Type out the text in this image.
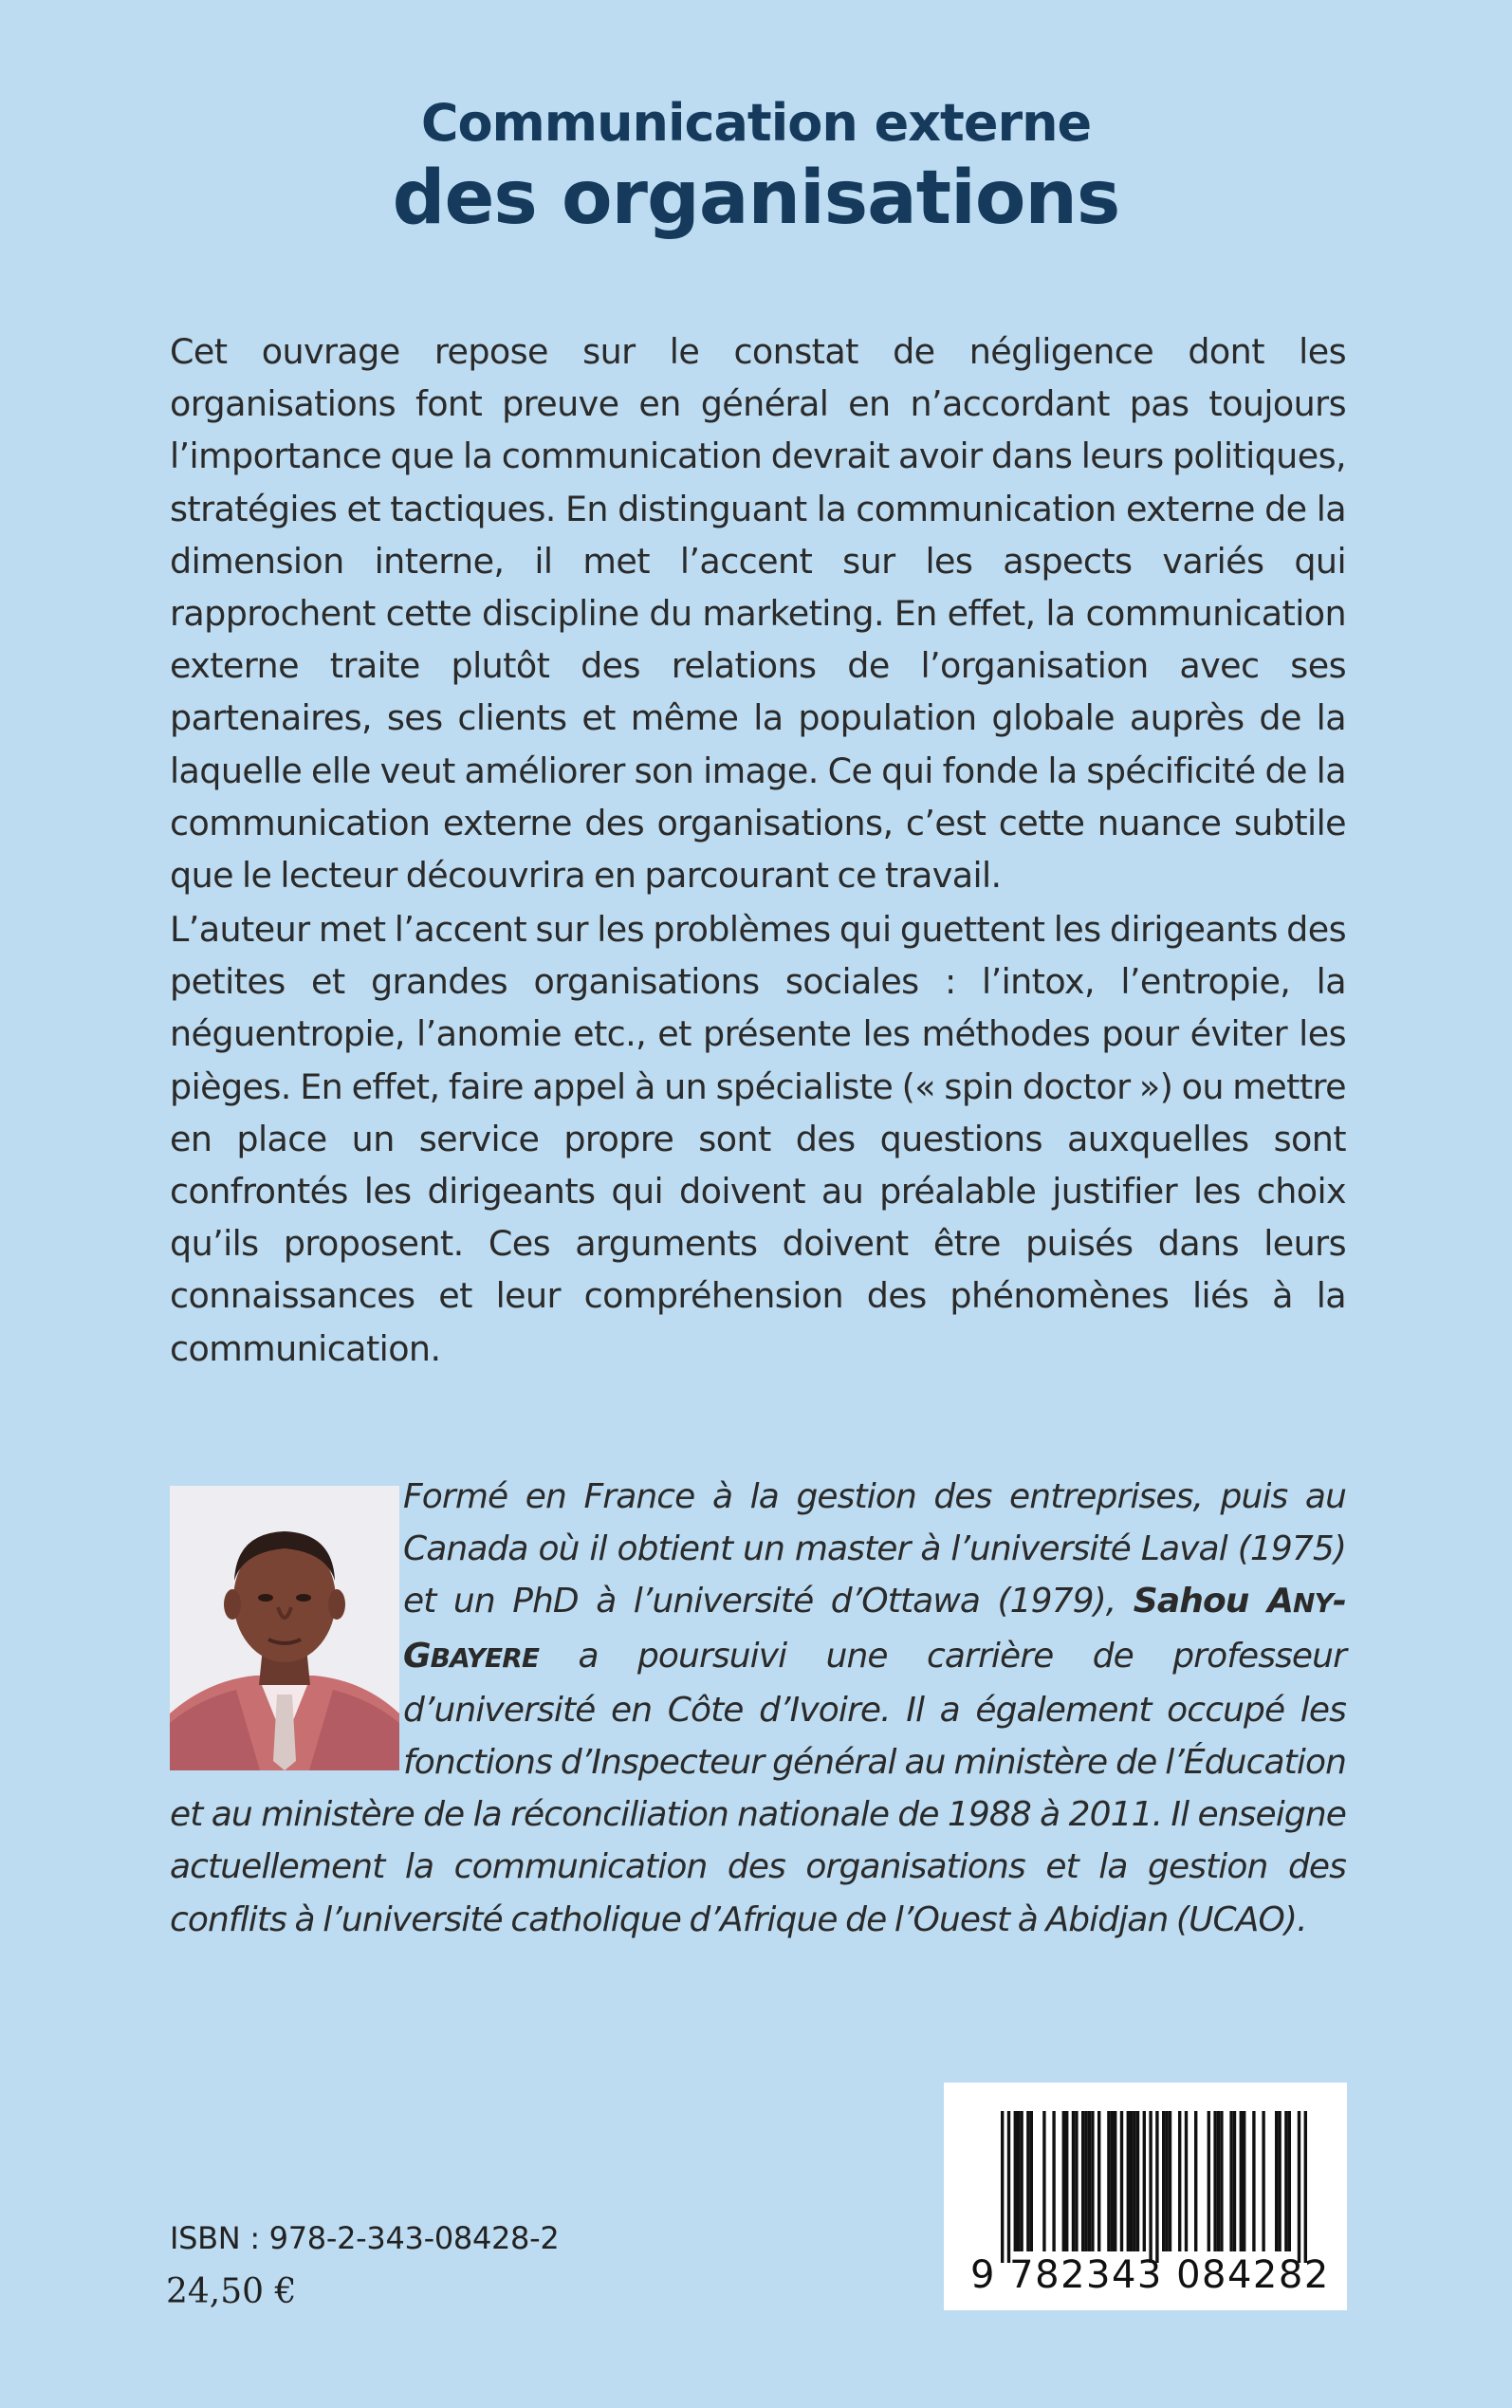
Communication externe
des organisations

Cet ouvrage repose sur le constat de négligence dont les organisations font preuve en général en n’accordant pas toujours l’importance que la communication devrait avoir dans leurs politiques, stratégies et tactiques. En distinguant la communication externe de la dimension interne, il met l’accent sur les aspects variés qui rapprochent cette discipline du marketing. En effet, la communication externe traite plutôt des relations de l’organisation avec ses partenaires, ses clients et même la population globale auprès de la laquelle elle veut améliorer son image. Ce qui fonde la spécificité de la communication externe des organisations, c’est cette nuance subtile que le lecteur découvrira en parcourant ce travail.

L’auteur met l’accent sur les problèmes qui guettent les dirigeants des petites et grandes organisations sociales : l’intox, l’entropie, la néguentropie, l’anomie etc., et présente les méthodes pour éviter les pièges. En effet, faire appel à un spécialiste (« spin doctor ») ou mettre en place un service propre sont des questions auxquelles sont confrontés les dirigeants qui doivent au préalable justifier les choix qu’ils proposent. Ces arguments doivent être puisés dans leurs connaissances et leur compréhension des phénomènes liés à la communication.

Formé en France à la gestion des entreprises, puis au Canada où il obtient un master à l’université Laval (1975) et un PhD à l’université d’Ottawa (1979), Sahou ANY-GBAYERE a poursuivi une carrière de professeur d’université en Côte d’Ivoire. Il a également occupé les fonctions d’Inspecteur général au ministère de l’Éducation et au ministère de la réconciliation nationale de 1988 à 2011. Il enseigne actuellement la communication des organisations et la gestion des conflits à l’université catholique d’Afrique de l’Ouest à Abidjan (UCAO).

9 782343 084282
ISBN : 978-2-343-08428-2
24,50 €
